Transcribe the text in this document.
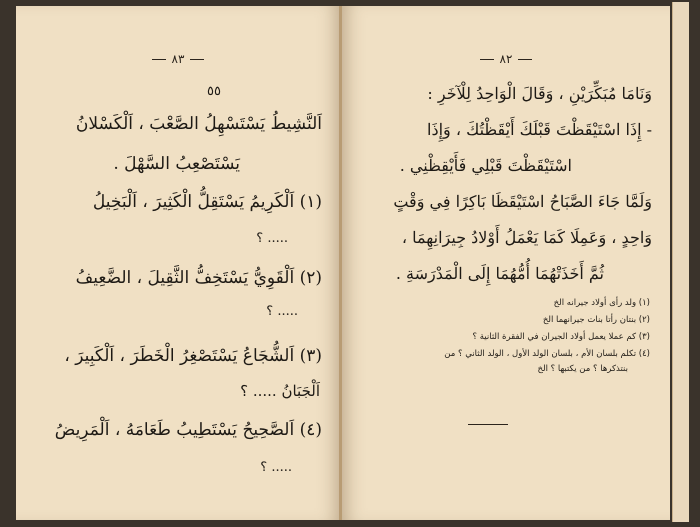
٨٣
٥٥
اَلنَّشِيطُ يَسْتَسْهِلُ الصَّعْبَ ، اَلْكَسْلانُ
يَسْتَصْعِبُ السَّهْلَ .
(١) اَلْكَرِيمُ يَسْتَقِلُّ الْكَثِيرَ ، اَلْبَخِيلُ
..... ؟
(٢) اَلْقَوِيُّ يَسْتَخِفُّ الثَّقِيلَ ، الضَّعِيفُ
..... ؟
(٣) اَلشُّجَاعُ يَسْتَصْغِرُ الْخَطَرَ ، اَلْكَبِيرَ ،
اَلْجَبَانُ ..... ؟
(٤) اَلصَّحِيحُ يَسْتَطِيبُ طَعَامَهُ ، اَلْمَرِيضُ
..... ؟
٨٢
وَنَامَا مُبَكِّرَيْنِ ، وَقَالَ الْوَاحِدُ لِلْآخَرِ :
- إِذَا اسْتَيْقَظْتَ قَبْلَكَ أَيْقَظْتُكَ ، وَإِذَا
اسْتَيْقَظْتَ قَبْلِي فَأَيْقِظْنِي .
وَلَمَّا جَاءَ الصَّبَاحُ اسْتَيْقَظَا بَاكِرًا فِي وَقْتٍ
وَاحِدٍ ، وَعَمِلَا كَمَا يَعْمَلُ أَوْلادُ جِيرَانِهِمَا ،
ثُمَّ أَخَذَتْهُمَا أُمُّهُمَا إِلَى الْمَدْرَسَةِ .
(١) ولد رأى أولاد جيرانه الخ
(٢) بنتان رأتا بنات جيرانهما الخ
(٣) كم عملا يعمل أولاد الجيران في الفقرة الثانية ؟
(٤) تكلم بلسان الأم ، بلسان الولد الأول ، الولد الثاني ؟ من
بنتذكرها ؟ من يكتبها ؟ الخ
